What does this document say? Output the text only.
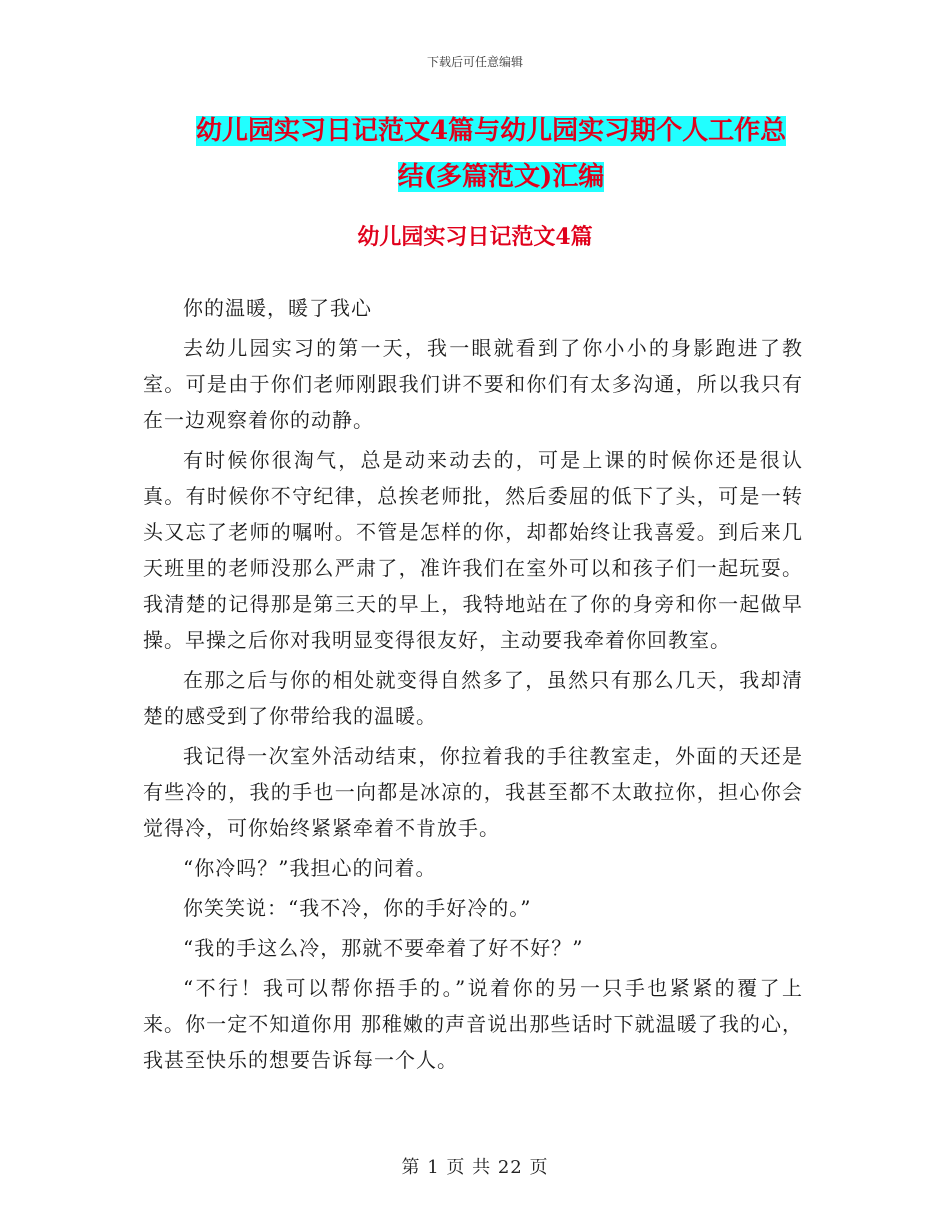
下载后可任意编辑
幼儿园实习日记范文4篇与幼儿园实习期个人工作总
结(多篇范文)汇编
幼儿园实习日记范文4篇

你的温暖，暖了我心

去幼儿园实习的第一天，我一眼就看到了你小小的身影跑进了教室。可是由于你们老师刚跟我们讲不要和你们有太多沟通，所以我只有在一边观察着你的动静。

有时候你很淘气，总是动来动去的，可是上课的时候你还是很认真。有时候你不守纪律，总挨老师批，然后委屈的低下了头，可是一转头又忘了老师的嘱咐。不管是怎样的你，却都始终让我喜爱。到后来几天班里的老师没那么严肃了，准许我们在室外可以和孩子们一起玩耍。我清楚的记得那是第三天的早上，我特地站在了你的身旁和你一起做早操。早操之后你对我明显变得很友好，主动要我牵着你回教室。

在那之后与你的相处就变得自然多了，虽然只有那么几天，我却清楚的感受到了你带给我的温暖。

我记得一次室外活动结束，你拉着我的手往教室走，外面的天还是有些冷的，我的手也一向都是冰凉的，我甚至都不太敢拉你，担心你会觉得冷，可你始终紧紧牵着不肯放手。

“你冷吗？”我担心的问着。

你笑笑说：“我不冷，你的手好冷的。”

“我的手这么冷，那就不要牵着了好不好？”

“不行！我可以帮你捂手的。”说着你的另一只手也紧紧的覆了上来。你一定不知道你用 那稚嫩的声音说出那些话时下就温暖了我的心，我甚至快乐的想要告诉每一个人。

第 1 页 共 22 页
